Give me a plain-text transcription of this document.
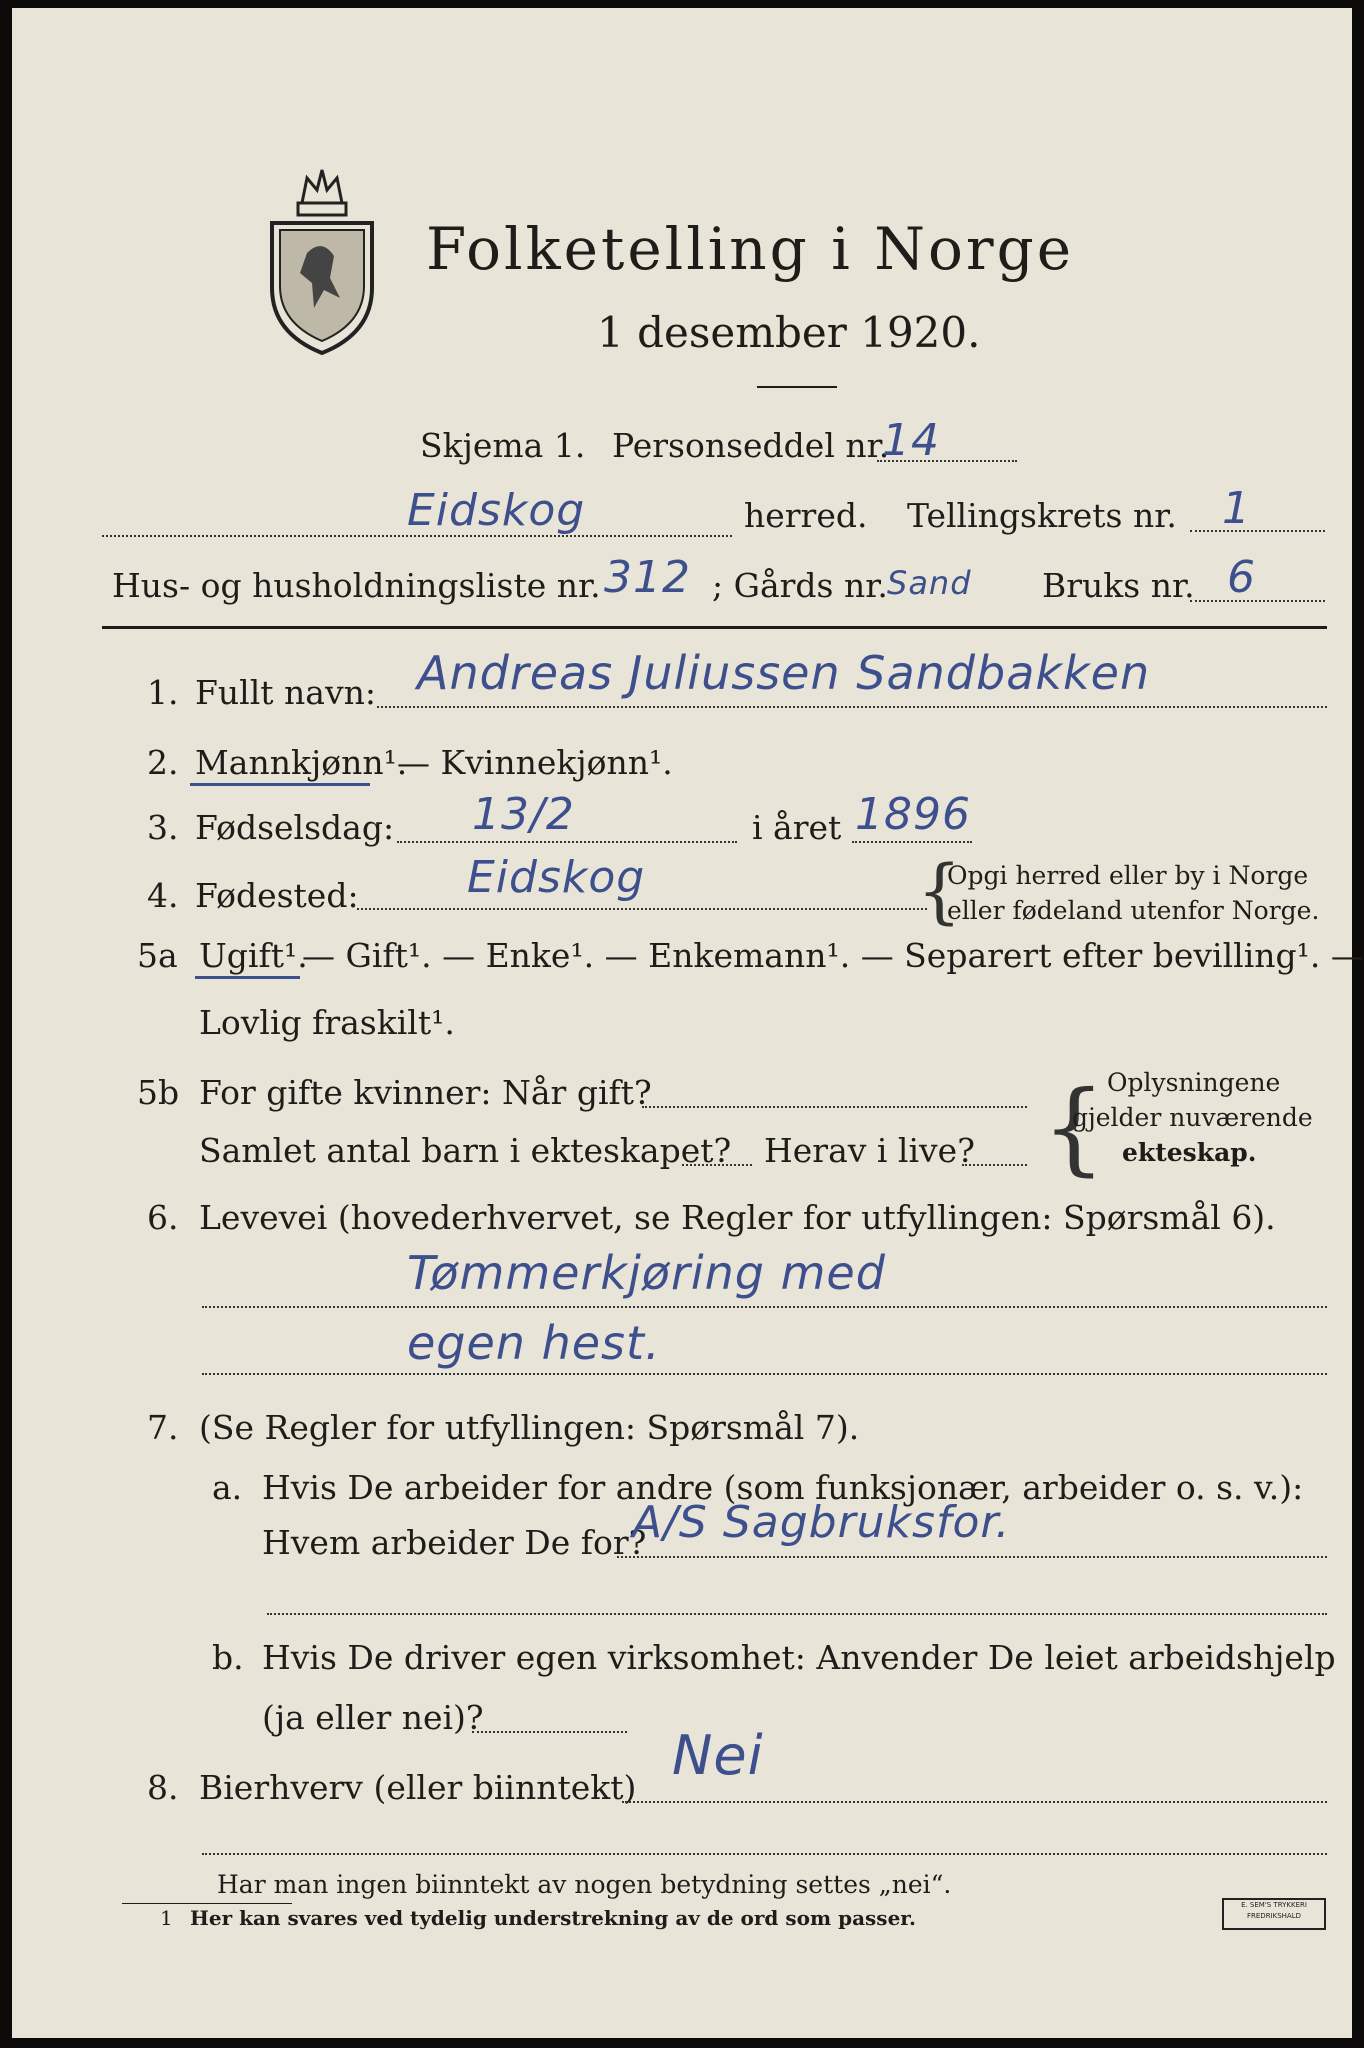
Folketelling i Norge
1 desember 1920.
Skjema 1. Personseddel nr.
14
Eidskog	herred. Tellingskrets nr. 1
Hus- og husholdningsliste nr. 312 ; Gårds nr. Sand Bruks nr. 6
1. Fullt navn: Andreas Juliussen Sandbakken
2. Mannkjønn¹.
— Kvinnekjønn¹.
3. Fødselsdag: 13/2	i året 1896
4. Fødested: Eidskog	{
Opgi herred eller by i Norge
eller fødeland utenfor Norge.
5a Ugift¹.
— Gift¹. — Enke¹. — Enkemann¹. — Separert efter bevilling¹. —
Lovlig fraskilt¹.
5b For gifte kvinner: Når gift?
Samlet antal barn i ekteskapet? Herav i live? { Oplysningene
gjelder nuværende
ekteskap.
6. Levevei (hovederhvervet, se Regler for utfyllingen: Spørsmål 6).
Tømmerkjøring med
egen hest.
7. (Se Regler for utfyllingen: Spørsmål 7).
a. Hvis De arbeider for andre (som funksjonær, arbeider o. s. v.):
Hvem arbeider De for?
A/S Sagbruksfor.
b. Hvis De driver egen virksomhet: Anvender De leiet arbeidshjelp
(ja eller nei)?
8. Bierhverv (eller biinntekt)
Nei
Har man ingen biinntekt av nogen betydning settes „nei“.
1 Her kan svares ved tydelig understrekning av de ord som passer.
E. SEM'S TRYKKERI FREDRIKSHALD
